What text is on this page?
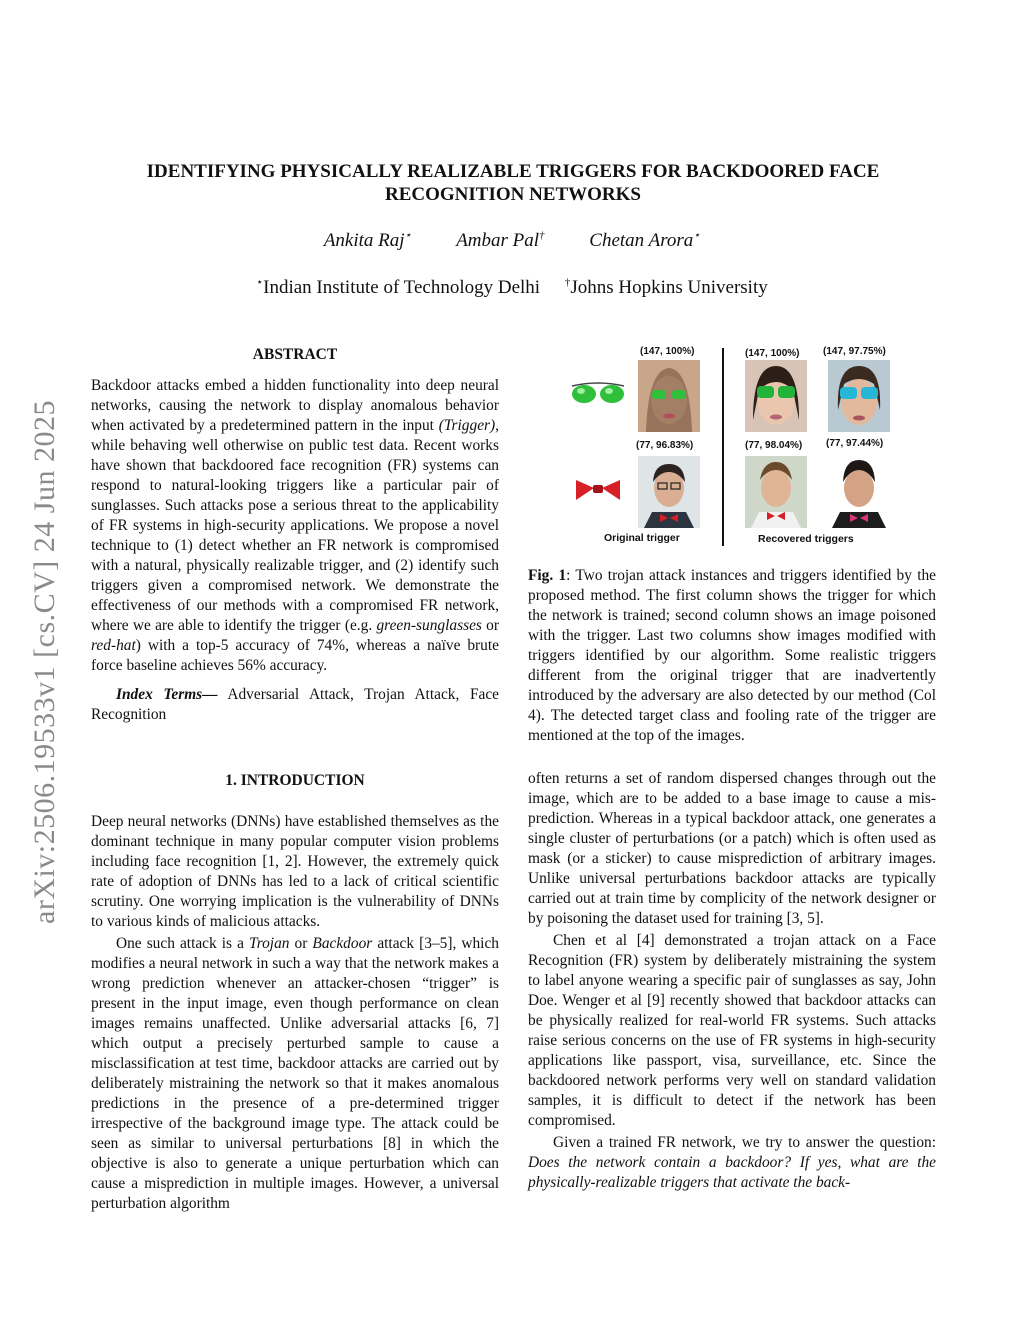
arXiv:2506.19533v1 [cs.CV] 24 Jun 2025
IDENTIFYING PHYSICALLY REALIZABLE TRIGGERS FOR BACKDOORED FACE RECOGNITION NETWORKS
Ankita Raj⋆ Ambar Pal† Chetan Arora⋆
⋆Indian Institute of Technology Delhi †Johns Hopkins University
ABSTRACT

Backdoor attacks embed a hidden functionality into deep neural networks, causing the network to display anomalous behavior when activated by a predetermined pattern in the input (Trigger), while behaving well otherwise on public test data. Recent works have shown that backdoored face recognition (FR) systems can respond to natural-looking triggers like a particular pair of sunglasses. Such attacks pose a serious threat to the applicability of FR systems in high-security applications. We propose a novel technique to (1) detect whether an FR network is compromised with a natural, physically realizable trigger, and (2) identify such triggers given a compromised network. We demonstrate the effectiveness of our methods with a compromised FR network, where we are able to identify the trigger (e.g. green-sunglasses or red-hat) with a top-5 accuracy of 74%, whereas a naïve brute force baseline achieves 56% accuracy.

Index Terms— Adversarial Attack, Trojan Attack, Face Recognition

1. INTRODUCTION

Deep neural networks (DNNs) have established themselves as the dominant technique in many popular computer vision problems including face recognition [1, 2]. However, the extremely quick rate of adoption of DNNs has led to a lack of critical scientific scrutiny. One worrying implication is the vulnerability of DNNs to various kinds of malicious attacks.

One such attack is a Trojan or Backdoor attack [3–5], which modifies a neural network in such a way that the network makes a wrong prediction whenever an attacker-chosen “trigger” is present in the input image, even though performance on clean images remains unaffected. Unlike adversarial attacks [6, 7] which output a precisely perturbed sample to cause a misclassification at test time, backdoor attacks are carried out by deliberately mistraining the network so that it makes anomalous predictions in the presence of a pre-determined trigger irrespective of the background image type. The attack could be seen as similar to universal perturbations [8] in which the objective is also to generate a unique perturbation which can cause a misprediction in multiple images. However, a universal perturbation algorithm

(147, 100%)	(147, 100%) (147, 97.75%)
(77, 96.83%)	(77, 98.04%) (77, 97.44%)
Original trigger	Recovered triggers
Fig. 1: Two trojan attack instances and triggers identified by the proposed method. The first column shows the trigger for which the network is trained; second column shows an image poisoned with the trigger. Last two columns show images modified with triggers identified by our algorithm. Some realistic triggers different from the original trigger that are inadvertently introduced by the adversary are also detected by our method (Col 4). The detected target class and fooling rate of the trigger are mentioned at the top of the images.

often returns a set of random dispersed changes through out the image, which are to be added to a base image to cause a mis-prediction. Whereas in a typical backdoor attack, one generates a single cluster of perturbations (or a patch) which is often used as mask (or a sticker) to cause misprediction of arbitrary images. Unlike universal perturbations backdoor attacks are typically carried out at train time by complicity of the network designer or by poisoning the dataset used for training [3, 5].

Chen et al [4] demonstrated a trojan attack on a Face Recognition (FR) system by deliberately mistraining the system to label anyone wearing a specific pair of sunglasses as say, John Doe. Wenger et al [9] recently showed that backdoor attacks can be physically realized for real-world FR systems. Such attacks raise serious concerns on the use of FR systems in high-security applications like passport, visa, surveillance, etc. Since the backdoored network performs very well on standard validation samples, it is difficult to detect if the network has been compromised.

Given a trained FR network, we try to answer the question: Does the network contain a backdoor? If yes, what are the physically-realizable triggers that activate the back-
